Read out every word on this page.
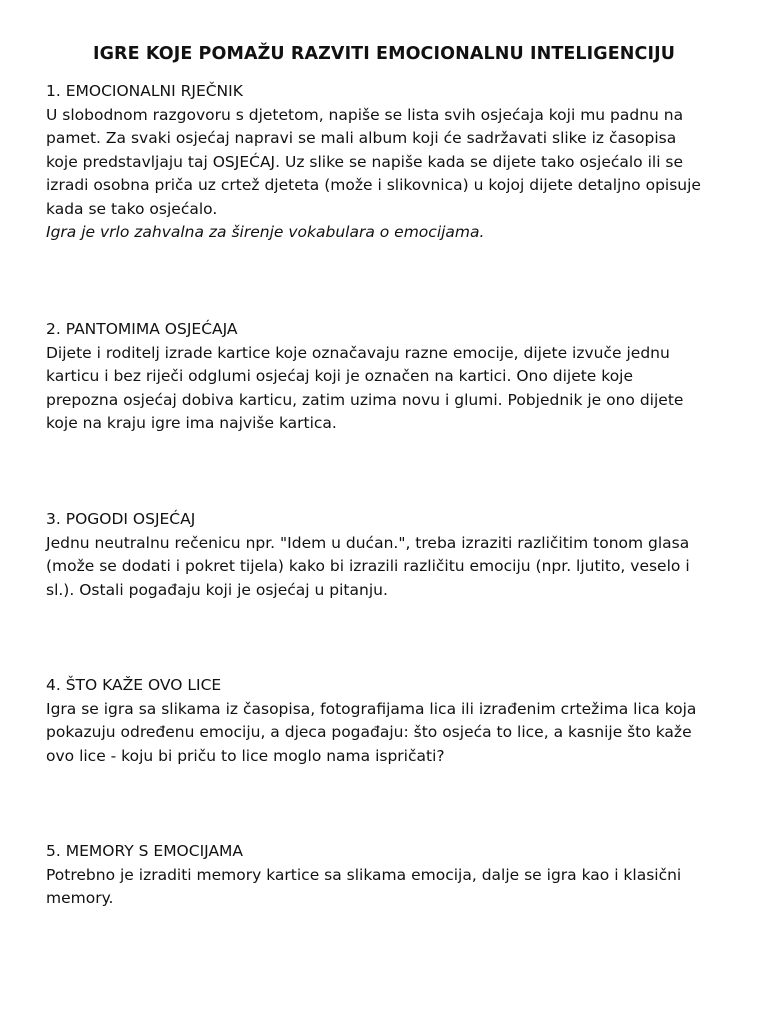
IGRE KOJE POMAŽU RAZVITI EMOCIONALNU INTELIGENCIJU
1. EMOCIONALNI RJEČNIK
U slobodnom razgovoru s djetetom, napiše se lista svih osjećaja koji mu padnu na
pamet. Za svaki osjećaj napravi se mali album koji će sadržavati slike iz časopisa
koje predstavljaju taj OSJEĆAJ. Uz slike se napiše kada se dijete tako osjećalo ili se
izradi osobna priča uz crtež djeteta (može i slikovnica) u kojoj dijete detaljno opisuje
kada se tako osjećalo.
Igra je vrlo zahvalna za širenje vokabulara o emocijama.
2. PANTOMIMA OSJEĆAJA
Dijete i roditelj izrade kartice koje označavaju razne emocije, dijete izvuče jednu
karticu i bez riječi odglumi osjećaj koji je označen na kartici. Ono dijete koje
prepozna osjećaj dobiva karticu, zatim uzima novu i glumi. Pobjednik je ono dijete
koje na kraju igre ima najviše kartica.
3. POGODI OSJEĆAJ
Jednu neutralnu rečenicu npr. "Idem u dućan.", treba izraziti različitim tonom glasa
(može se dodati i pokret tijela) kako bi izrazili različitu emociju (npr. ljutito, veselo i
sl.). Ostali pogađaju koji je osjećaj u pitanju.
4. ŠTO KAŽE OVO LICE
Igra se igra sa slikama iz časopisa, fotografijama lica ili izrađenim crtežima lica koja
pokazuju određenu emociju, a djeca pogađaju: što osjeća to lice, a kasnije što kaže
ovo lice - koju bi priču to lice moglo nama ispričati?
5. MEMORY S EMOCIJAMA
Potrebno je izraditi memory kartice sa slikama emocija, dalje se igra kao i klasični
memory.
